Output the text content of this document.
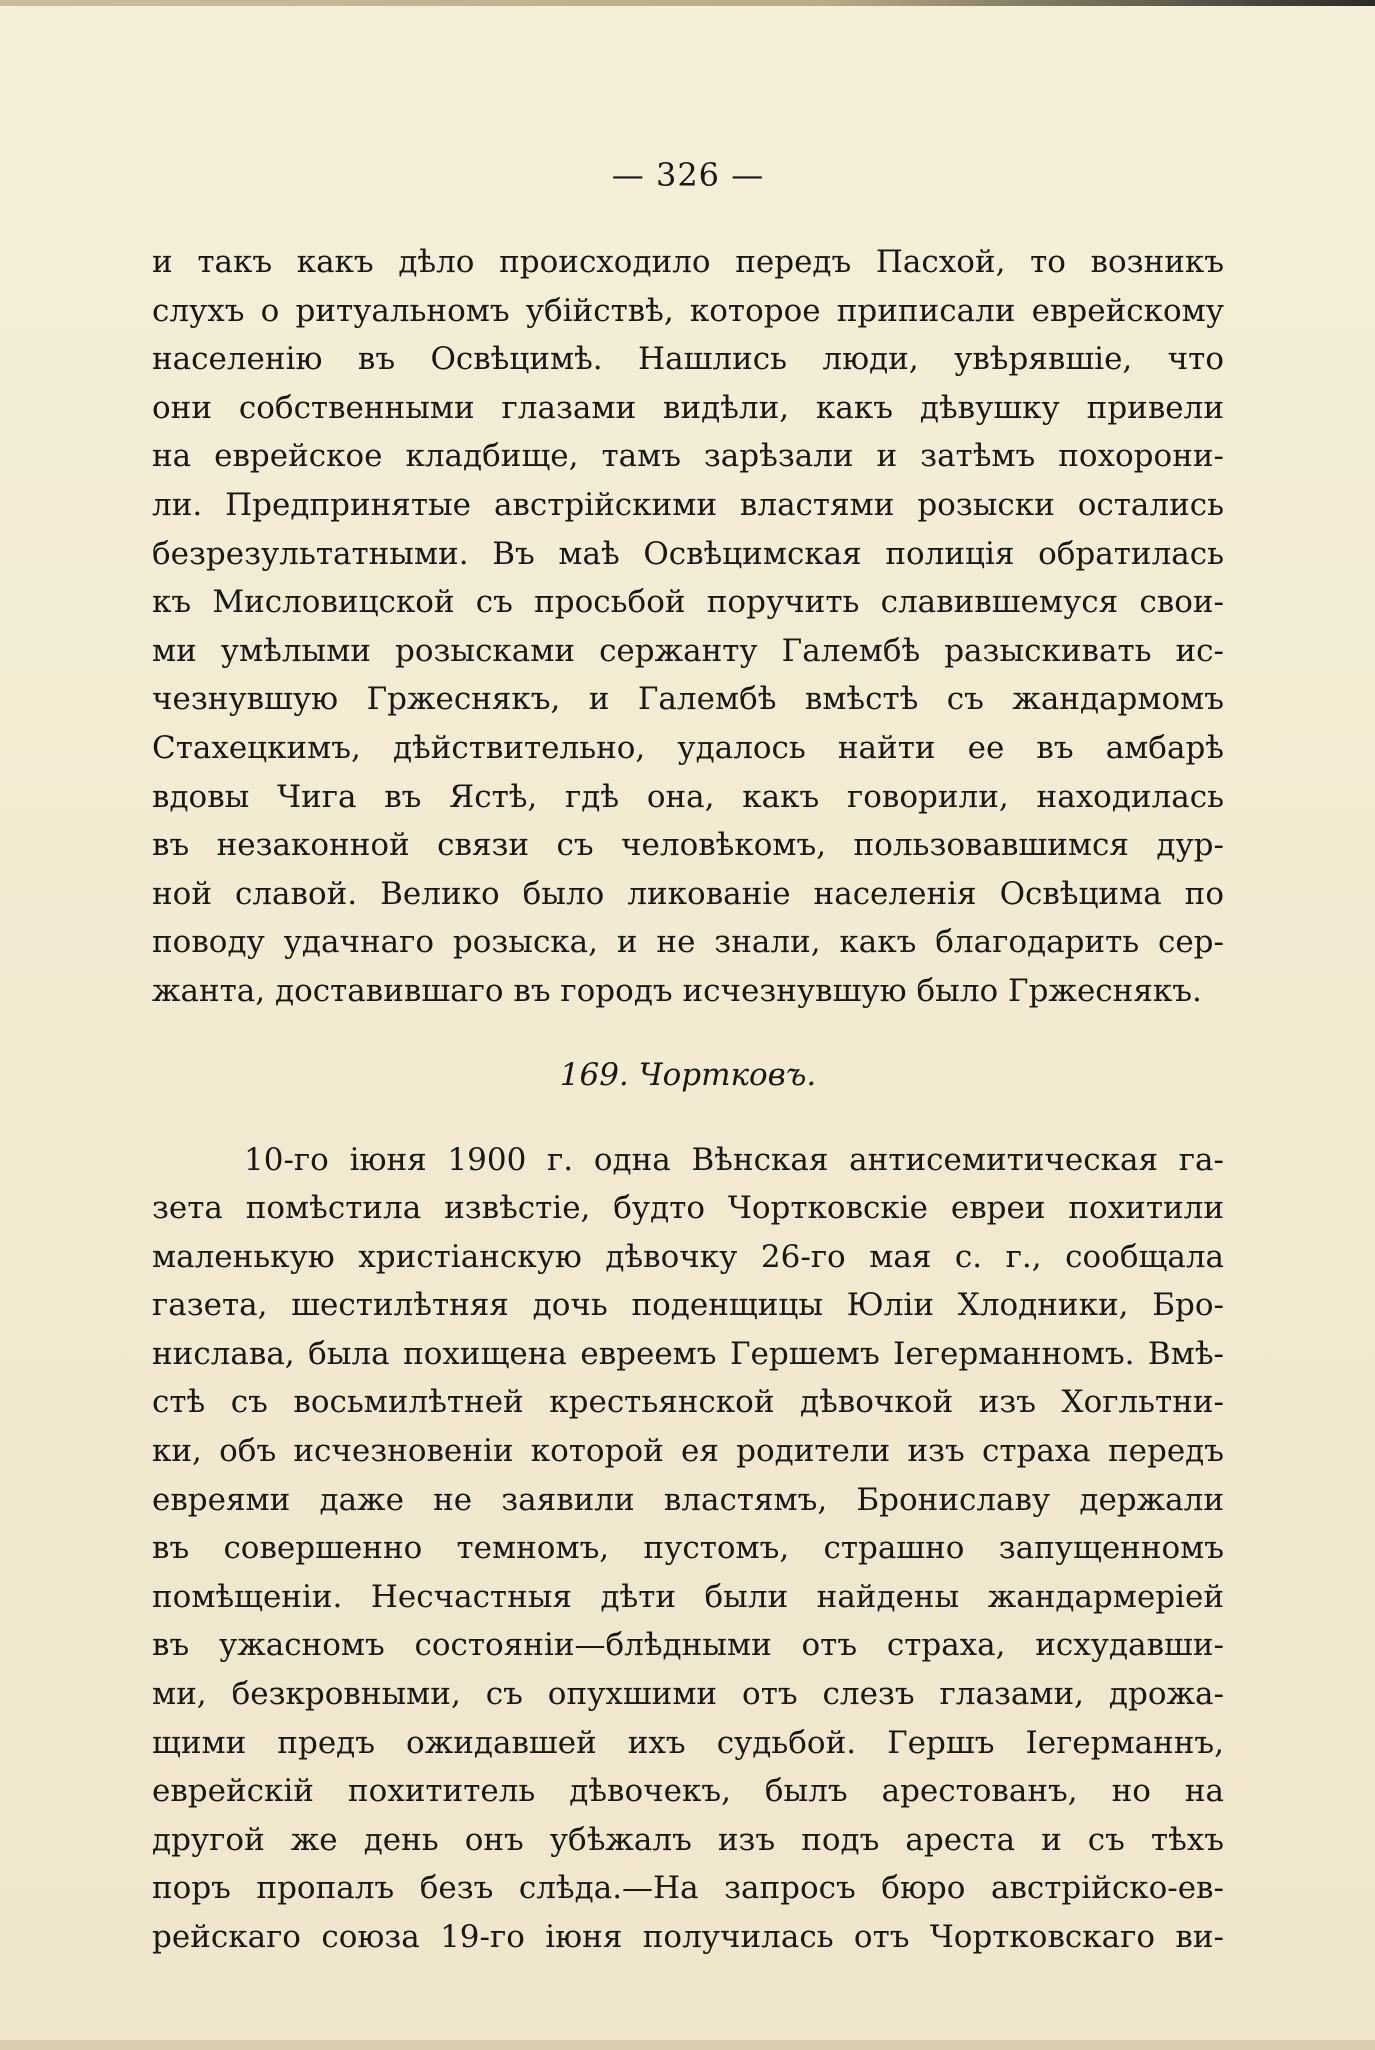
— 326 —
и такъ какъ дѣло происходило передъ Пасхой, то возникъ
слухъ о ритуальномъ убійствѣ, которое приписали еврейскому
населенію въ Освѣцимѣ. Нашлись люди, увѣрявшіе, что
они собственными глазами видѣли, какъ дѣвушку привели
на еврейское кладбище, тамъ зарѣзали и затѣмъ похорони-
ли. Предпринятые австрійскими властями розыски остались
безрезультатными. Въ маѣ Освѣцимская полиція обратилась
къ Мисловицской съ просьбой поручить славившемуся свои-
ми умѣлыми розысками сержанту Галембѣ разыскивать ис-
чезнувшую Гржеснякъ, и Галембѣ вмѣстѣ съ жандармомъ
Стахецкимъ, дѣйствительно, удалось найти ее въ амбарѣ
вдовы Чига въ Ястѣ, гдѣ она, какъ говорили, находилась
въ незаконной связи съ человѣкомъ, пользовавшимся дур-
ной славой. Велико было ликованіе населенія Освѣцима по
поводу удачнаго розыска, и не знали, какъ благодарить сер-
жанта, доставившаго въ городъ исчезнувшую было Гржеснякъ.
169. Чортковъ.
10-го іюня 1900 г. одна Вѣнская антисемитическая га-
зета помѣстила извѣстіе, будто Чортковскіе евреи похитили
маленькую христіанскую дѣвочку 26-го мая с. г., сообщала
газета, шестилѣтняя дочь поденщицы Юліи Хлодники, Бро-
нислава, была похищена евреемъ Гершемъ Іегерманномъ. Вмѣ-
стѣ съ восьмилѣтней крестьянской дѣвочкой изъ Хогльтни-
ки, объ исчезновеніи которой ея родители изъ страха передъ
евреями даже не заявили властямъ, Брониславу держали
въ совершенно темномъ, пустомъ, страшно запущенномъ
помѣщеніи. Несчастныя дѣти были найдены жандармеріей
въ ужасномъ состояніи—блѣдными отъ страха, исхудавши-
ми, безкровными, съ опухшими отъ слезъ глазами, дрожа-
щими предъ ожидавшей ихъ судьбой. Гершъ Іегерманнъ,
еврейскій похититель дѣвочекъ, былъ арестованъ, но на
другой же день онъ убѣжалъ изъ подъ ареста и съ тѣхъ
поръ пропалъ безъ слѣда.—На запросъ бюро австрійско-ев-
рейскаго союза 19-го іюня получилась отъ Чортковскаго ви-
